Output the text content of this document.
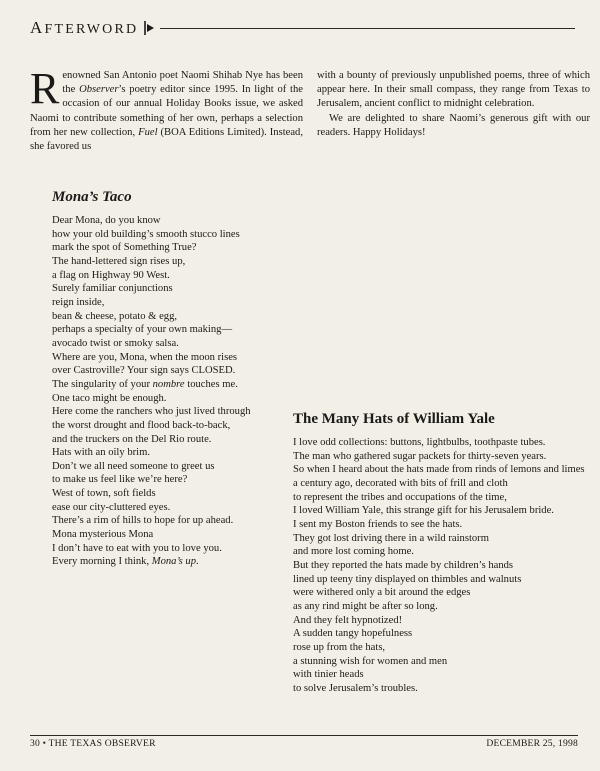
AFTERWORD

Renowned San Antonio poet Naomi Shihab Nye has been the Observer’s poetry editor since 1995. In light of the occasion of our annual Holiday Books issue, we asked Naomi to contribute something of her own, perhaps a selection from her new collection, Fuel (BOA Editions Limited). Instead, she favored us

with a bounty of previously unpublished poems, three of which appear here. In their small compass, they range from Texas to Jerusalem, ancient conflict to midnight celebration.

We are delighted to share Naomi’s generous gift with our readers. Happy Holidays!

Mona’s Taco
Dear Mona, do you know
how your old building’s smooth stucco lines
mark the spot of Something True?
The hand-lettered sign rises up,
a flag on Highway 90 West.
Surely familiar conjunctions
reign inside,
bean & cheese, potato & egg,
perhaps a specialty of your own making—
avocado twist or smoky salsa.
Where are you, Mona, when the moon rises
over Castroville? Your sign says CLOSED.
The singularity of your nombre touches me.
One taco might be enough.
Here come the ranchers who just lived through
the worst drought and flood back-to-back,
and the truckers on the Del Rio route.
Hats with an oily brim.
Don’t we all need someone to greet us
to make us feel like we’re here?
West of town, soft fields
ease our city-cluttered eyes.
There’s a rim of hills to hope for up ahead.
Mona mysterious Mona
I don’t have to eat with you to love you.
Every morning I think, Mona’s up.
The Many Hats of William Yale
I love odd collections: buttons, lightbulbs, toothpaste tubes.
The man who gathered sugar packets for thirty-seven years.
So when I heard about the hats made from rinds of lemons and limes
a century ago, decorated with bits of frill and cloth
to represent the tribes and occupations of the time,
I loved William Yale, this strange gift for his Jerusalem bride.
I sent my Boston friends to see the hats.
They got lost driving there in a wild rainstorm
and more lost coming home.
But they reported the hats made by children’s hands
lined up teeny tiny displayed on thimbles and walnuts
were withered only a bit around the edges
as any rind might be after so long.
And they felt hypnotized!
A sudden tangy hopefulness
rose up from the hats,
a stunning wish for women and men
with tinier heads
to solve Jerusalem’s troubles.
30 • THE TEXAS OBSERVER	DECEMBER 25, 1998
